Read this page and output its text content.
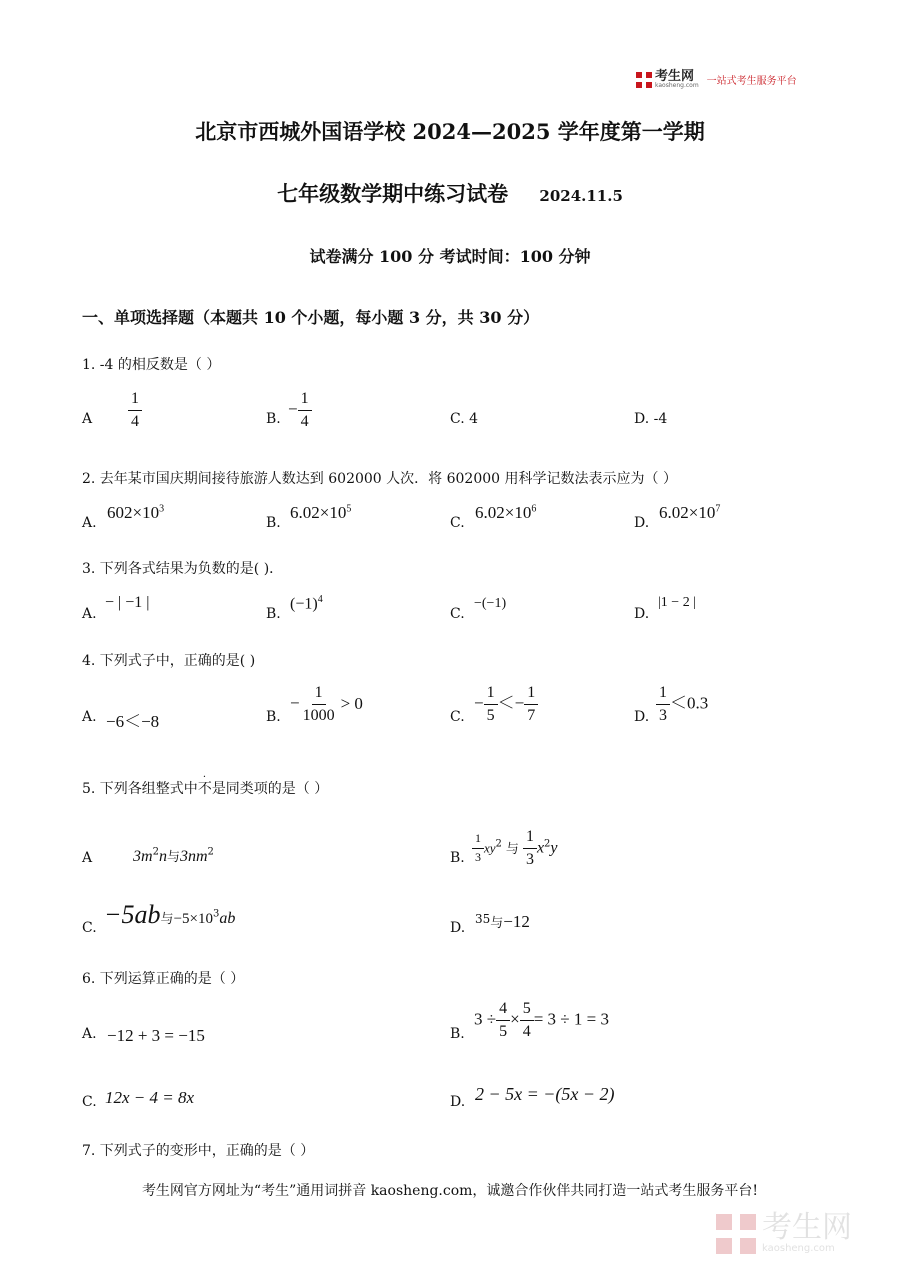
考生网
kaosheng.com 一站式考生服务平台
北京市西城外国语学校 2024—2025 学年度第一学期
七年级数学期中练习试卷 2024.11.5
试卷满分 100 分 考试时间：100 分钟
一、单项选择题（本题共 10 个小题，每小题 3 分，共 30 分）
1. -4 的相反数是（ ）
A $\frac{1}{4}$	B.
− $\frac{1}{4}$	C. 4	D. -4
2. 去年某市国庆期间接待旅游人数达到 602000 人次．将 602000 用科学记数法表示应为（ ）
A.
$602\times 10^3$
B.
$6.02\times 10^5$
C.
$6.02\times 10^6$
D.
$6.02\times 10^7$
3. 下列各式结果为负数的是( )．
A.
− | −1 |
B.
$(-1)^4$
C.
−(−1)
D.
|1 − 2 |
4. 下列式子中，正确的是( )
A. −6＜−8	B.
− $\frac{1}{1000} > 0$
C.
− $\frac{1}{5} <- \frac{1}{7}$	D. $\frac{1}{3} <0.3$
5. 下列各组整式中不
·
是同类项的是（ ）
A	$3m^2n$与$3nm^2$	B. $\frac{1}{3} xy^2$ 与 $\frac{1}{3} x^2y$
C. −5ab与$-5\times 10^3ab$
D.
$^{35}$与−12
6. 下列运算正确的是（ ）
A. −12 + 3 = −15	B.
$3 \div \frac{4}{5} \times \frac{5}{4} = 3 \div 1 = 3$
C. 12x − 4 = 8x	D. 2 − 5x = −(5x − 2)
7. 下列式子的变形中，正确的是（ ）
考生网官方网址为“考生”通用词拼音 kaosheng.com，诚邀合作伙伴共同打造一站式考生服务平台!
考生网
kaosheng.com
